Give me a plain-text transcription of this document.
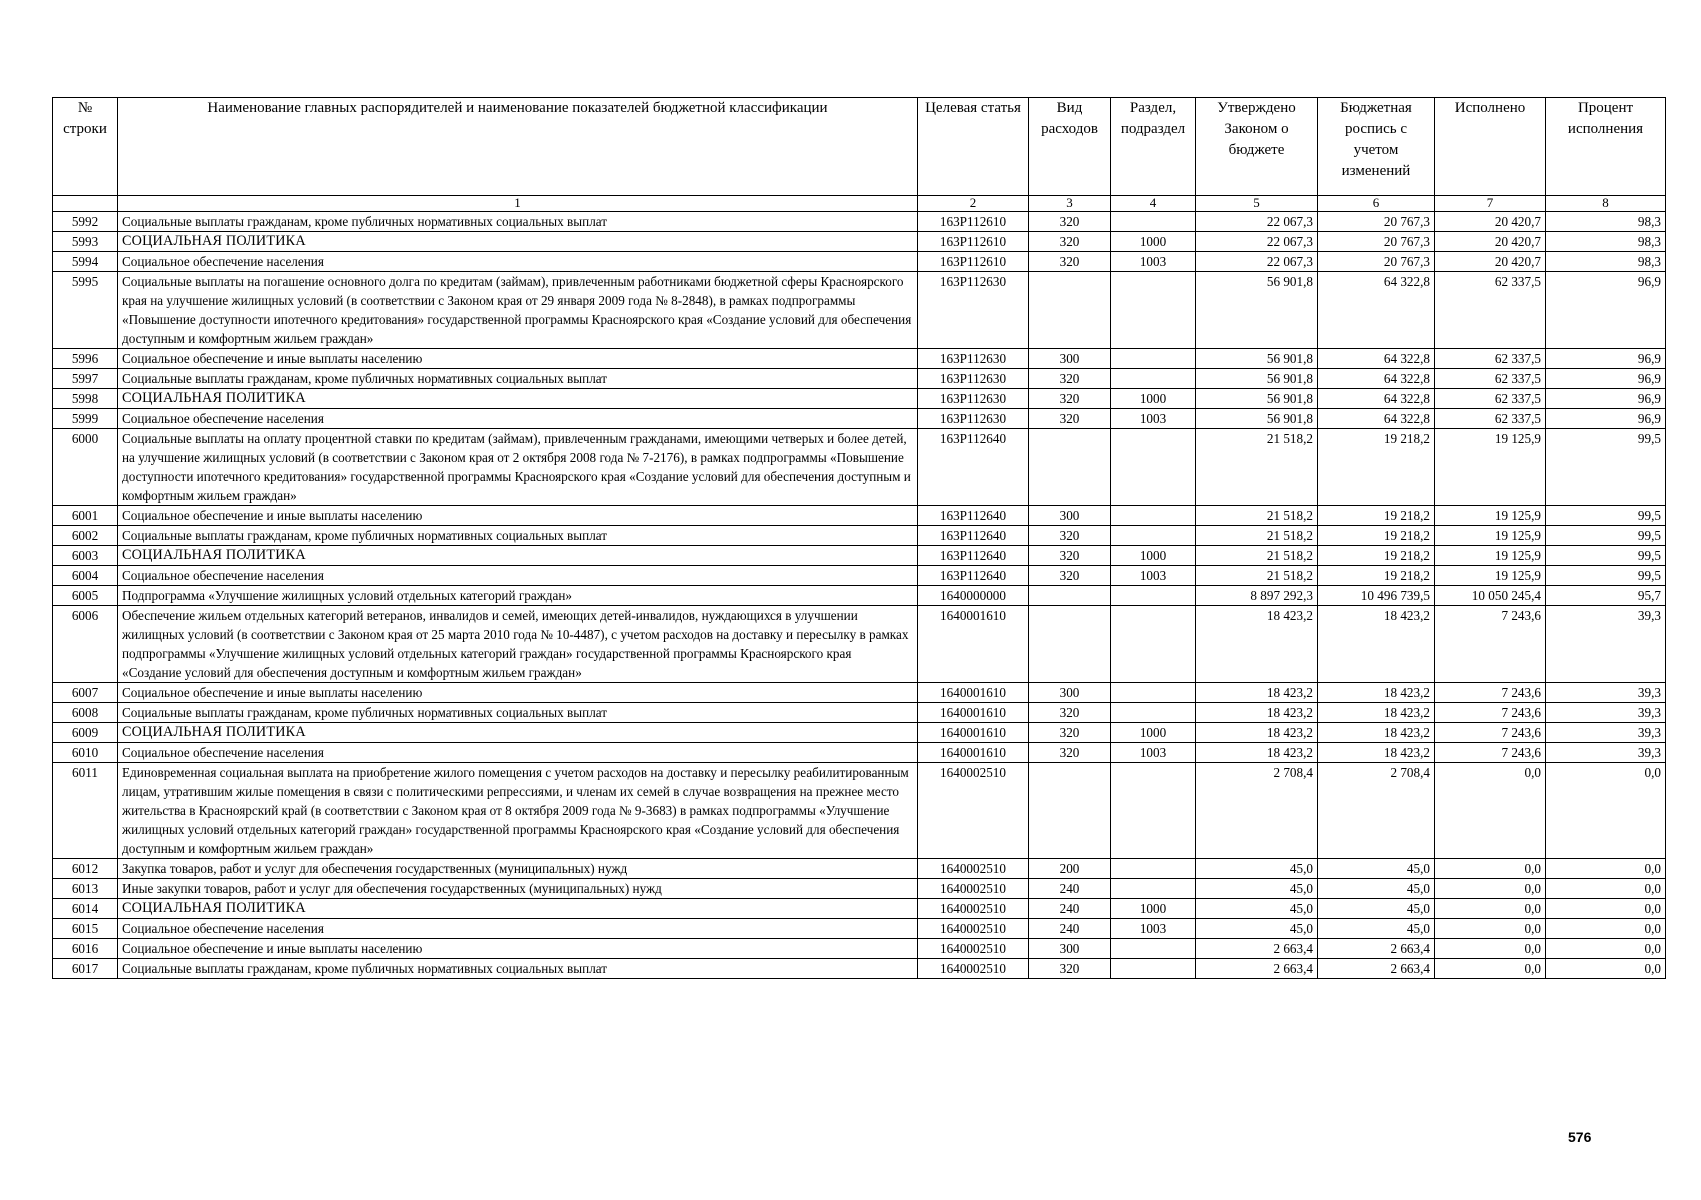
№ строки	Наименование главных распорядителей и наименование показателей бюджетной классификации	Целевая статья	Вид расходов	Раздел, подраздел	Утверждено Законом о бюджете	Бюджетная роспись с учетом изменений	Исполнено	Процент исполнения
	1	2	3	4	5	6	7	8
5992	Социальные выплаты гражданам, кроме публичных нормативных социальных выплат	163P112610	320		22 067,3	20 767,3	20 420,7	98,3
5993	СОЦИАЛЬНАЯ ПОЛИТИКА	163P112610	320	1000	22 067,3	20 767,3	20 420,7	98,3
5994	Социальное обеспечение населения	163P112610	320	1003	22 067,3	20 767,3	20 420,7	98,3
5995	Социальные выплаты на погашение основного долга по кредитам (займам), привлеченным работниками бюджетной сферы Красноярского края на улучшение жилищных условий (в соответствии с Законом края от 29 января 2009 года № 8-2848), в рамках подпрограммы «Повышение доступности ипотечного кредитования» государственной программы Красноярского края «Создание условий для обеспечения доступным и комфортным жильем граждан»	163P112630			56 901,8	64 322,8	62 337,5	96,9
5996	Социальное обеспечение и иные выплаты населению	163P112630	300		56 901,8	64 322,8	62 337,5	96,9
5997	Социальные выплаты гражданам, кроме публичных нормативных социальных выплат	163P112630	320		56 901,8	64 322,8	62 337,5	96,9
5998	СОЦИАЛЬНАЯ ПОЛИТИКА	163P112630	320	1000	56 901,8	64 322,8	62 337,5	96,9
5999	Социальное обеспечение населения	163P112630	320	1003	56 901,8	64 322,8	62 337,5	96,9
6000	Социальные выплаты на оплату процентной ставки по кредитам (займам), привлеченным гражданами, имеющими четверых и более детей, на улучшение жилищных условий (в соответствии с Законом края от 2 октября 2008 года № 7-2176), в рамках подпрограммы «Повышение доступности ипотечного кредитования» государственной программы Красноярского края «Создание условий для обеспечения доступным и комфортным жильем граждан»	163P112640			21 518,2	19 218,2	19 125,9	99,5
6001	Социальное обеспечение и иные выплаты населению	163P112640	300		21 518,2	19 218,2	19 125,9	99,5
6002	Социальные выплаты гражданам, кроме публичных нормативных социальных выплат	163P112640	320		21 518,2	19 218,2	19 125,9	99,5
6003	СОЦИАЛЬНАЯ ПОЛИТИКА	163P112640	320	1000	21 518,2	19 218,2	19 125,9	99,5
6004	Социальное обеспечение населения	163P112640	320	1003	21 518,2	19 218,2	19 125,9	99,5
6005	Подпрограмма «Улучшение жилищных условий отдельных категорий граждан»	1640000000			8 897 292,3	10 496 739,5	10 050 245,4	95,7
6006	Обеспечение жильем отдельных категорий ветеранов, инвалидов и семей, имеющих детей-инвалидов, нуждающихся в улучшении жилищных условий (в соответствии с Законом края от 25 марта 2010 года № 10-4487), с учетом расходов на доставку и пересылку в рамках подпрограммы «Улучшение жилищных условий отдельных категорий граждан» государственной программы Красноярского края «Создание условий для обеспечения доступным и комфортным жильем граждан»	1640001610			18 423,2	18 423,2	7 243,6	39,3
6007	Социальное обеспечение и иные выплаты населению	1640001610	300		18 423,2	18 423,2	7 243,6	39,3
6008	Социальные выплаты гражданам, кроме публичных нормативных социальных выплат	1640001610	320		18 423,2	18 423,2	7 243,6	39,3
6009	СОЦИАЛЬНАЯ ПОЛИТИКА	1640001610	320	1000	18 423,2	18 423,2	7 243,6	39,3
6010	Социальное обеспечение населения	1640001610	320	1003	18 423,2	18 423,2	7 243,6	39,3
6011	Единовременная социальная выплата на приобретение жилого помещения с учетом расходов на доставку и пересылку реабилитированным лицам, утратившим жилые помещения в связи с политическими репрессиями, и членам их семей в случае возвращения на прежнее место жительства в Красноярский край (в соответствии с Законом края от 8 октября 2009 года № 9-3683) в рамках подпрограммы «Улучшение жилищных условий отдельных категорий граждан» государственной программы Красноярского края «Создание условий для обеспечения доступным и комфортным жильем граждан»	1640002510			2 708,4	2 708,4	0,0	0,0
6012	Закупка товаров, работ и услуг для обеспечения государственных (муниципальных) нужд	1640002510	200		45,0	45,0	0,0	0,0
6013	Иные закупки товаров, работ и услуг для обеспечения государственных (муниципальных) нужд	1640002510	240		45,0	45,0	0,0	0,0
6014	СОЦИАЛЬНАЯ ПОЛИТИКА	1640002510	240	1000	45,0	45,0	0,0	0,0
6015	Социальное обеспечение населения	1640002510	240	1003	45,0	45,0	0,0	0,0
6016	Социальное обеспечение и иные выплаты населению	1640002510	300		2 663,4	2 663,4	0,0	0,0
6017	Социальные выплаты гражданам, кроме публичных нормативных социальных выплат	1640002510	320		2 663,4	2 663,4	0,0	0,0
576
